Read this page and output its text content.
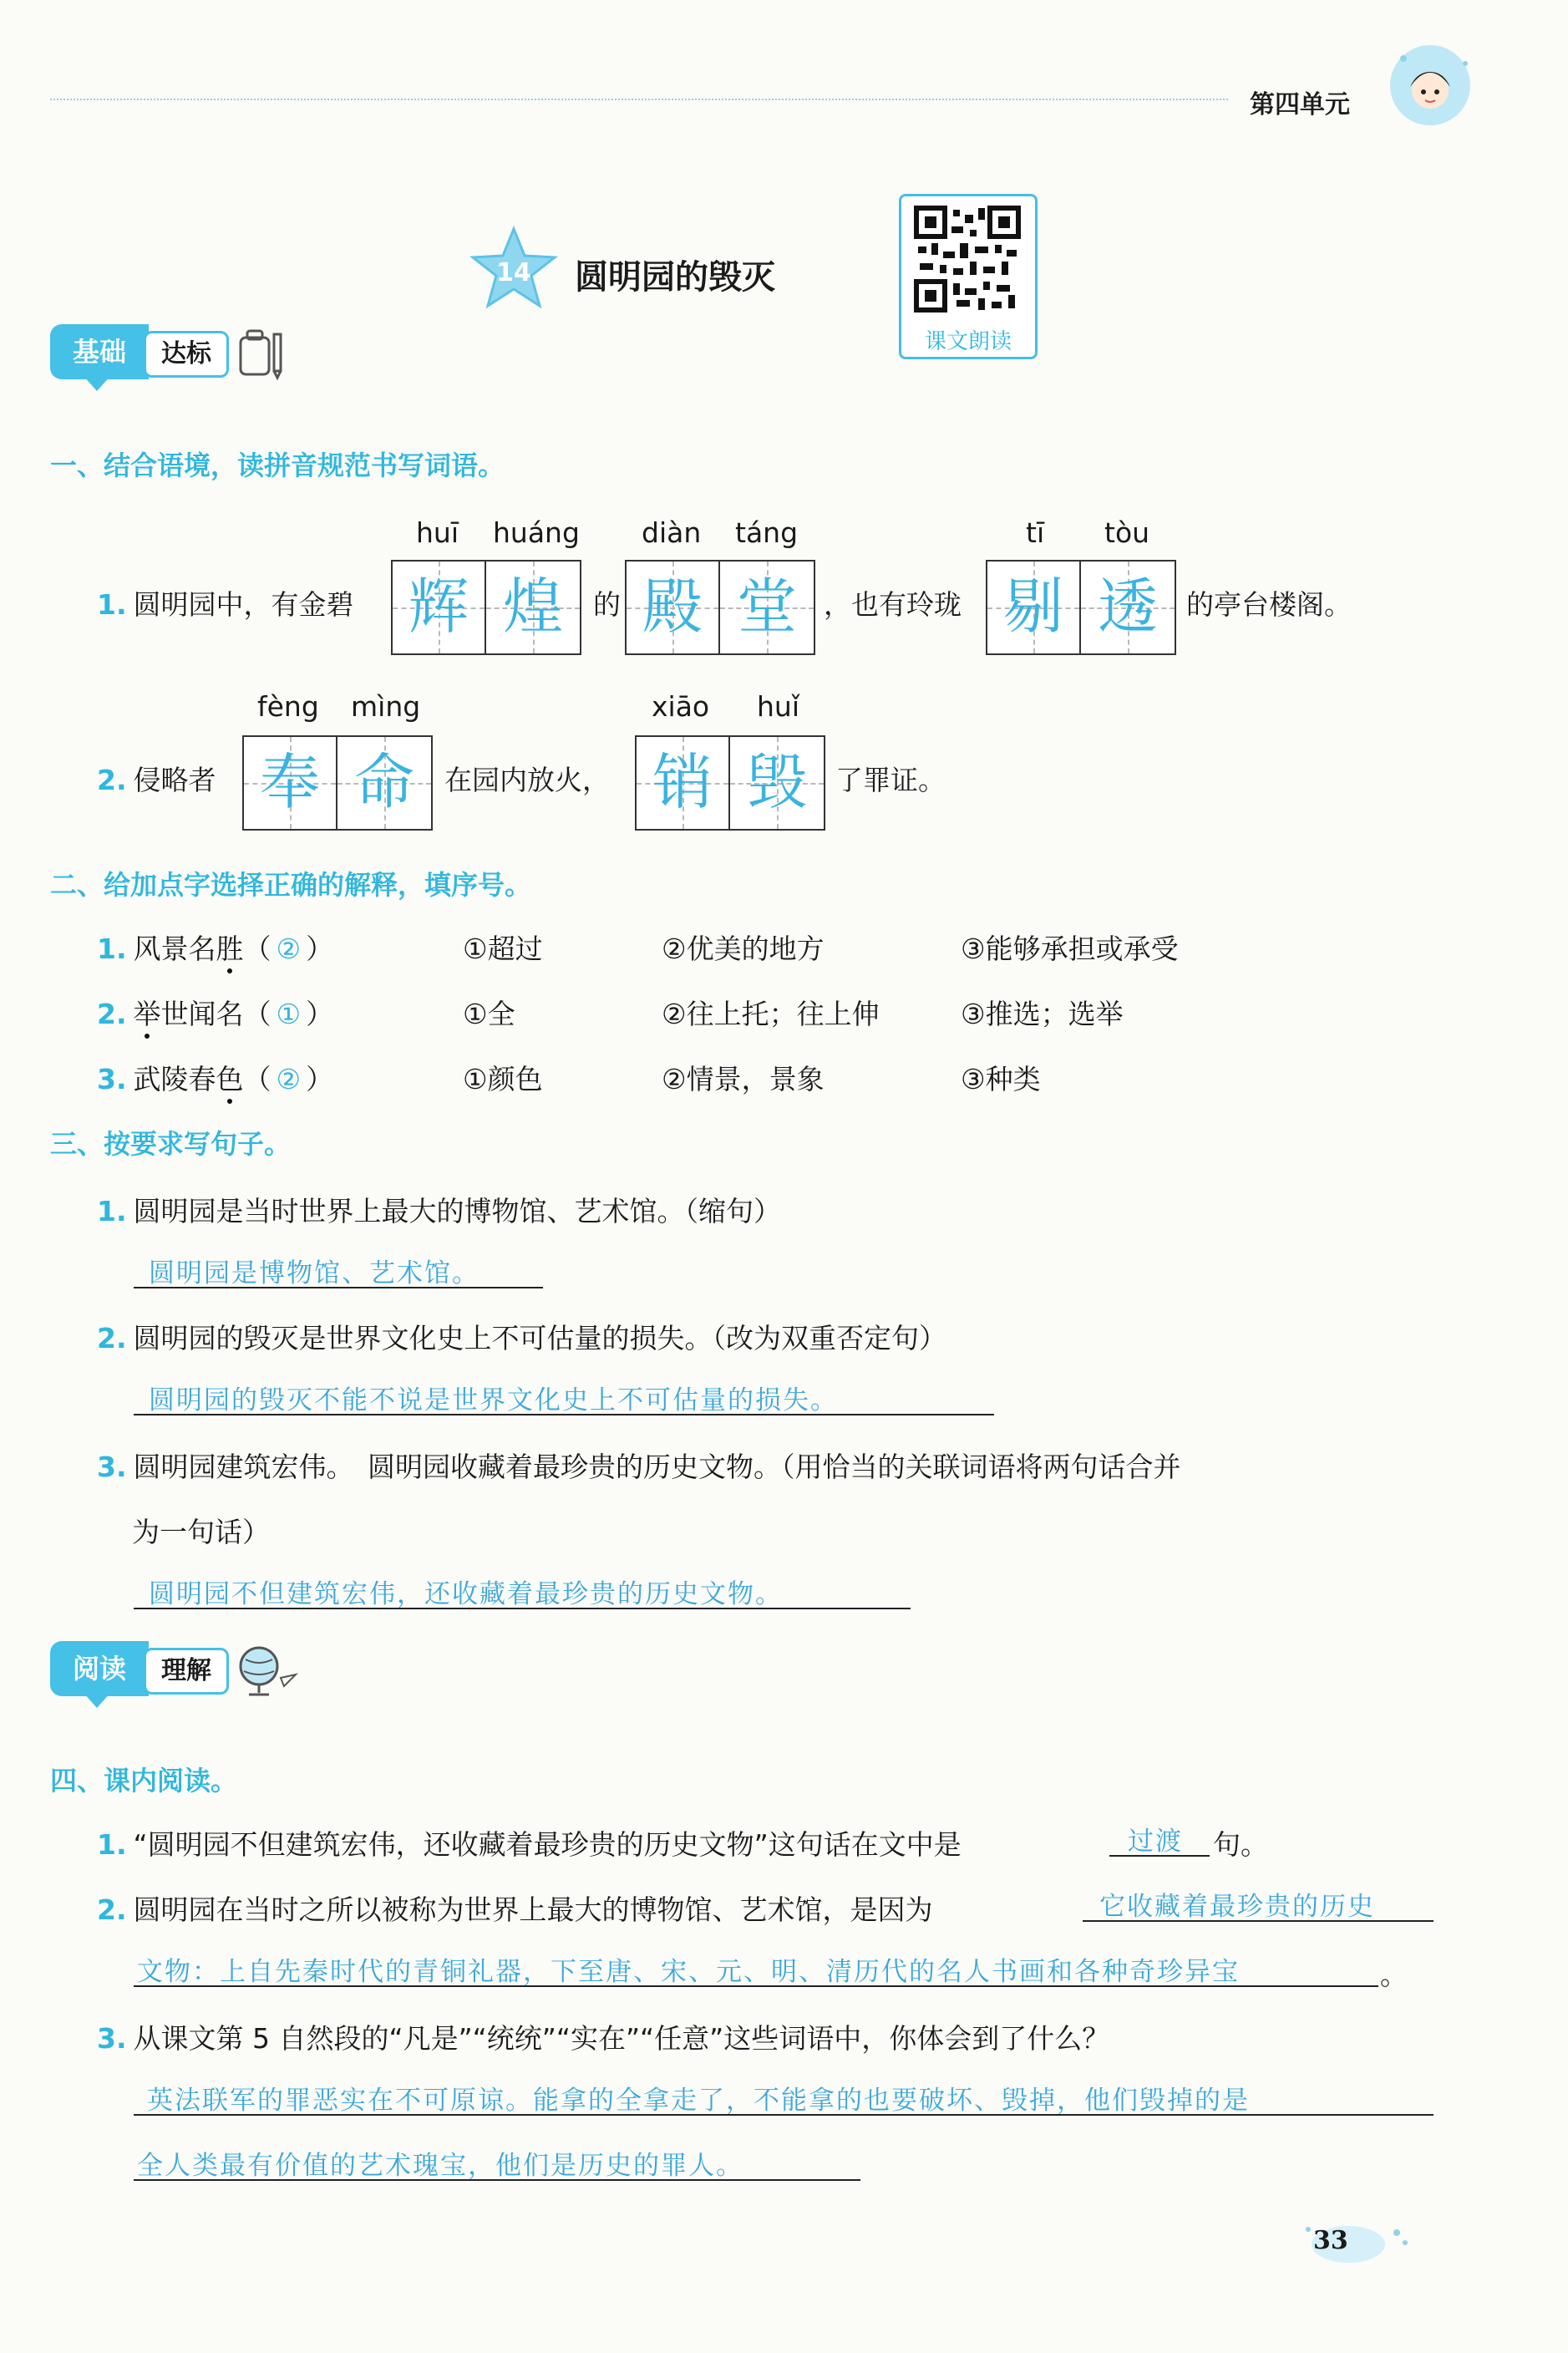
第四单元
14 圆明园的毁灭
课文朗读
基础	达标
一、结合语境，读拼音规范书写词语。
1. 圆明园中，有金碧
huī huáng
辉 煌	的
diàn táng
殿 堂 ，也有玲珑
tī tòu
剔 透	的亭台楼阁。
2. 侵略者
fèng mìng
奉 命	在园内放火，
xiāo huǐ
销 毁	了罪证。
二、给加点字选择正确的解释，填序号。
1. 风景名胜（ ② ）	①超过	②优美的地方	③能够承担或承受
2. 举世闻名（ ① ）	①全	②往上托；往上伸	③推选；选举
3. 武陵春色（ ② ）	①颜色	②情景，景象	③种类
三、按要求写句子。
1. 圆明园是当时世界上最大的博物馆、艺术馆。（缩句）
圆明园是博物馆、艺术馆。
2. 圆明园的毁灭是世界文化史上不可估量的损失。（改为双重否定句）
圆明园的毁灭不能不说是世界文化史上不可估量的损失。
3. 圆明园建筑宏伟。　圆明园收藏着最珍贵的历史文物。（用恰当的关联词语将两句话合并
为一句话）
圆明园不但建筑宏伟，还收藏着最珍贵的历史文物。
阅读	理解
四、课内阅读。
1. “圆明园不但建筑宏伟，还收藏着最珍贵的历史文物”这句话在文中是	过渡 句。
2. 圆明园在当时之所以被称为世界上最大的博物馆、艺术馆，是因为	它收藏着最珍贵的历史
文物：上自先秦时代的青铜礼器，下至唐、宋、元、明、清历代的名人书画和各种奇珍异宝	。
3. 从课文第 5 自然段的“凡是”“统统”“实在”“任意”这些词语中，你体会到了什么？
英法联军的罪恶实在不可原谅。能拿的全拿走了，不能拿的也要破坏、毁掉，他们毁掉的是
全人类最有价值的艺术瑰宝，他们是历史的罪人。
33
